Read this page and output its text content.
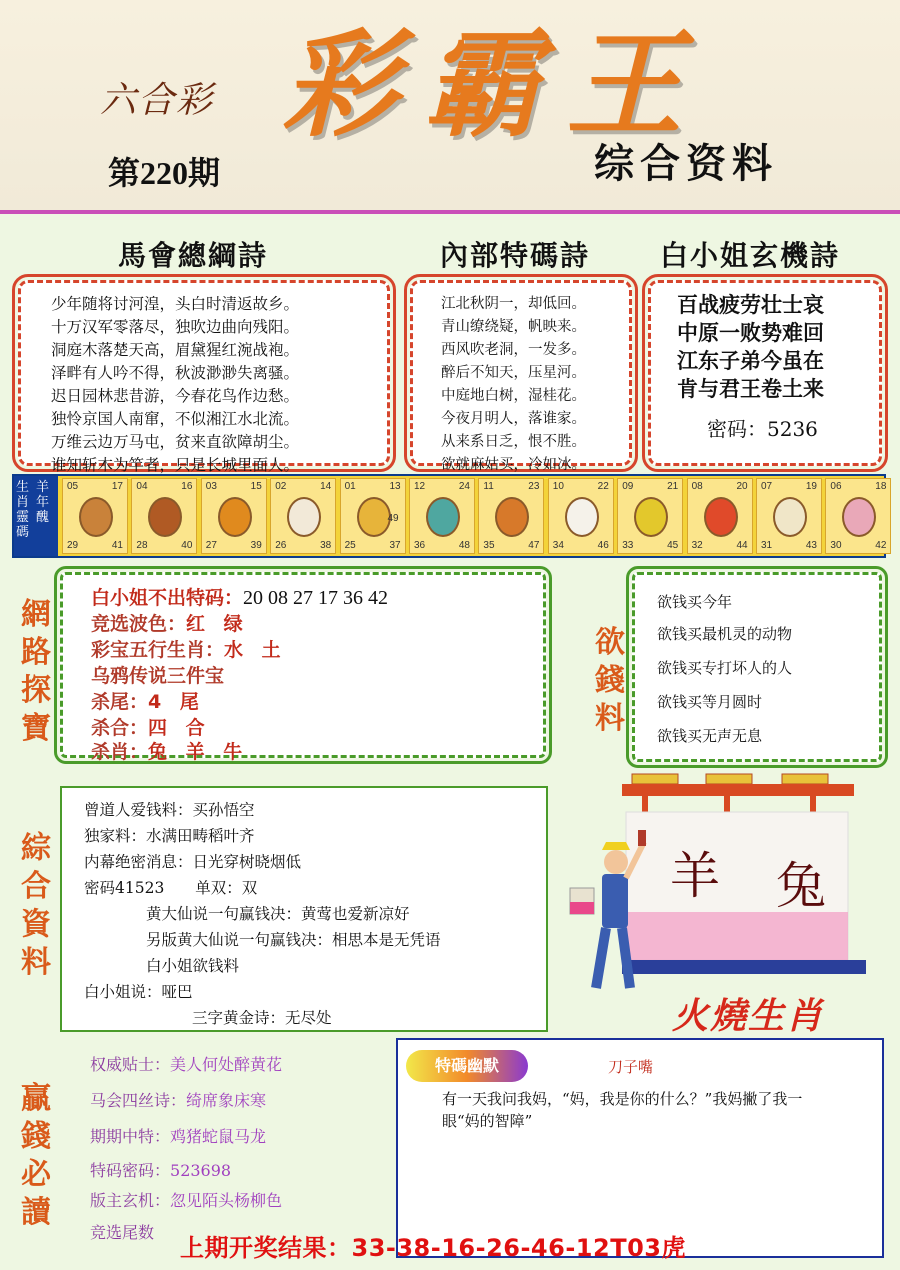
六合彩 彩霸王
第220期	综合资料
馬會總綱詩	內部特碼詩 白小姐玄機詩
少年随将讨河湟，头白时清返故乡。
十万汉军零落尽，独吹边曲向残阳。
洞庭木落楚天高，眉黛猩红涴战袍。
泽畔有人吟不得，秋波渺渺失离骚。
迟日园林悲昔游，今春花鸟作边愁。
独怜京国人南窜，不似湘江水北流。
万维云边万马屯，贫来直欲障胡尘。
谁知斩木为竿者，只是长城里面人。
江北秋阴一，却低回。
青山缭绕疑，帆映来。
西风吹老洞，一发多。
醉后不知天，压星河。
中庭地白树，湿桂花。
今夜月明人，落谁家。
从来系日乏，恨不胜。
欲就麻姑买，冷如冰。
百战疲劳壮士哀
中原一败势难回
江东子弟今虽在
肯与君王卷土来
密码：5236
生肖
靈碼
羊年
醜
05	17
29	41
04	16
28	40
03	15
27	39
02	14
26	38
01	13
25	37
49
12	24
36	48
11	23
35	47
10	22
34	46
09	21
33	45
08	20
32	44
07	19
31	43
06	18
30	42
網路探寶
白小姐不出特码：20 08 27 17 36 42
竞选波色：红 绿
彩宝五行生肖：水 土
乌鸦传说三件宝
杀尾：4 尾
杀合：四 合
杀肖：兔 羊 牛
欲錢料
欲钱买今年
欲钱买最机灵的动物
欲钱买专打坏人的人
欲钱买等月圆时
欲钱买无声无息
綜合資料
曾道人爱钱料：买孙悟空
独家料：水满田畴稻叶齐
内幕绝密消息：日光穿树晓烟低
密码41523　　单双：双
黄大仙说一句赢钱决：黄莺也爱新凉好
另版黄大仙说一句赢钱决：相思本是无凭语
白小姐欲钱料
白小姐说：哑巴
三字黄金诗：无尽处
羊 兔
火燒生肖
贏錢必讀
权威贴士：美人何处醉黄花
马会四丝诗：绮席象床寒
期期中特：鸡猪蛇鼠马龙
特码密码：523698
版主玄机：忽见陌头杨柳色
竞选尾数
特碼幽默	刀子嘴
有一天我问我妈，“妈，我是你的什么？”我妈撇了我一
眼“妈的智障”
上期开奖结果：33-38-16-26-46-12T03虎
